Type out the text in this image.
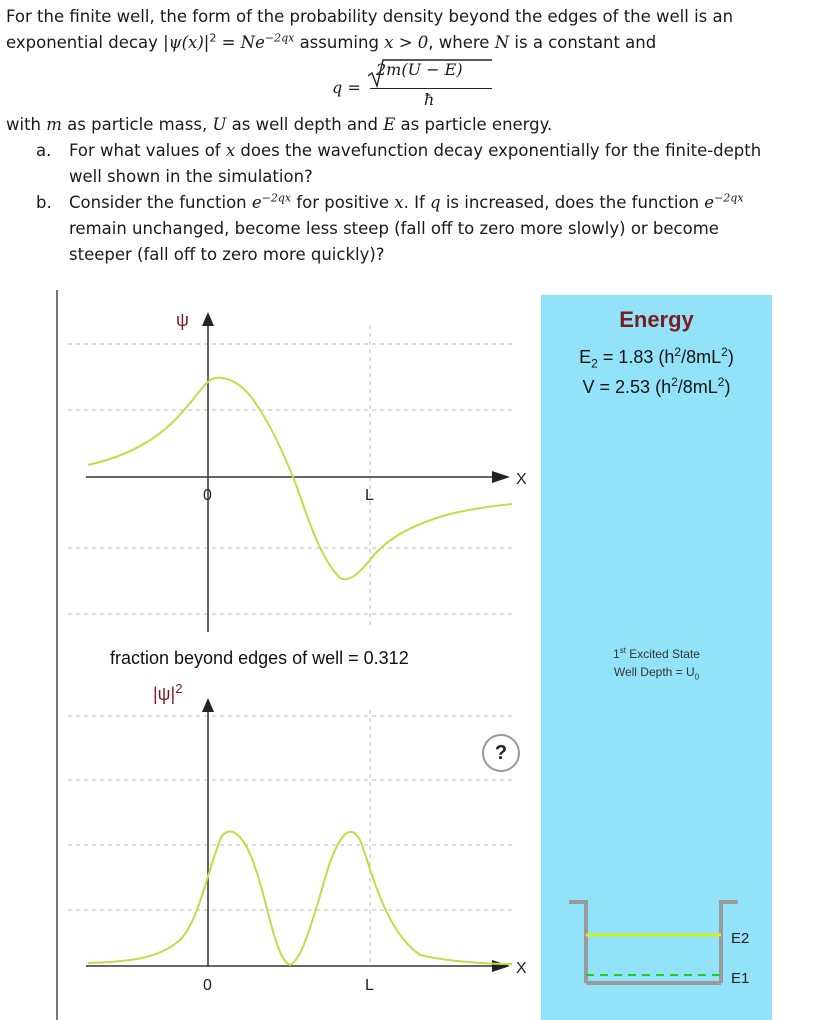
For the finite well, the form of the probability density beyond the edges of the well is an

exponential decay $|\psi(x)|^2 = Ne^{-2qx}$ assuming x > 0, where N is a constant and

q =
2m(U − E)
ħ

with m as particle mass, U as well depth and E as particle energy.

a. For what values of x does the wavefunction decay exponentially for the finite-depth

well shown in the simulation?

b. Consider the function $e^{-2qx}$ for positive x. If q is increased, does the function $e^{-2qx}$

remain unchanged, become less steep (fall off to zero more slowly) or become

steeper (fall off to zero more quickly)?

ψ
X
0	L
X
0	L
$|\psi|^2$
fraction beyond edges of well = 0.312
?
Energy
$E_2 = 1.83$ $(h^2/8mL^2)$
V = 2.53 $(h^2/8mL^2)$
1st Excited State
Well Depth = $U_0$
E2
E1
